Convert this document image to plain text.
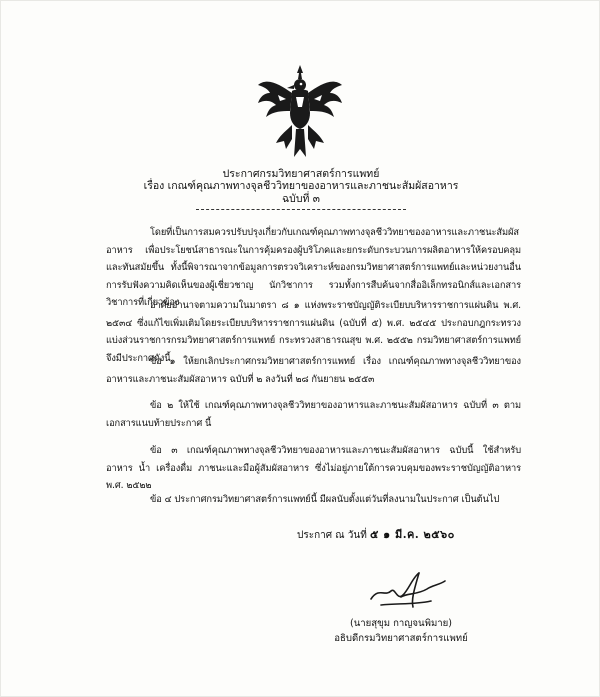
ประกาศกรมวิทยาศาสตร์การแพทย์
เรื่อง เกณฑ์คุณภาพทางจุลชีววิทยาของอาหารและภาชนะสัมผัสอาหาร
ฉบับที่ ๓
โดยที่เป็นการสมควรปรับปรุงเกี่ยวกับเกณฑ์คุณภาพทางจุลชีววิทยาของอาหารและภาชนะสัมผัสอาหาร เพื่อประโยชน์สาธารณะในการคุ้มครองผู้บริโภคและยกระดับกระบวนการผลิตอาหารให้ครอบคลุมและทันสมัยขึ้น ทั้งนี้พิจารณาจากข้อมูลการตรวจวิเคราะห์ของกรมวิทยาศาสตร์การแพทย์และหน่วยงานอื่น การรับฟังความคิดเห็นของผู้เชี่ยวชาญ นักวิชาการ รวมทั้งการสืบค้นจากสื่ออิเล็กทรอนิกส์และเอกสารวิชาการที่เกี่ยวข้อง
อาศัยอำนาจตามความในมาตรา ๘ ๑ แห่งพระราชบัญญัติระเบียบบริหารราชการแผ่นดิน พ.ศ. ๒๕๓๔ ซึ่งแก้ไขเพิ่มเติมโดยระเบียบบริหารราชการแผ่นดิน (ฉบับที่ ๕) พ.ศ. ๒๕๔๕ ประกอบกฎกระทรวงแบ่งส่วนราชการกรมวิทยาศาสตร์การแพทย์ กระทรวงสาธารณสุข พ.ศ. ๒๕๕๒ กรมวิทยาศาสตร์การแพทย์จึงมีประกาศดังนี้
ข้อ ๑ ให้ยกเลิกประกาศกรมวิทยาศาสตร์การแพทย์ เรื่อง เกณฑ์คุณภาพทางจุลชีววิทยาของอาหารและภาชนะสัมผัสอาหาร ฉบับที่ ๒ ลงวันที่ ๒๘ กันยายน ๒๕๕๓
ข้อ ๒ ให้ใช้ เกณฑ์คุณภาพทางจุลชีววิทยาของอาหารและภาชนะสัมผัสอาหาร ฉบับที่ ๓ ตามเอกสารแนบท้ายประกาศ นี้
ข้อ ๓ เกณฑ์คุณภาพทางจุลชีววิทยาของอาหารและภาชนะสัมผัสอาหาร ฉบับนี้ ใช้สำหรับอาหาร น้ำ เครื่องดื่ม ภาชนะและมือผู้สัมผัสอาหาร ซึ่งไม่อยู่ภายใต้การควบคุมของพระราชบัญญัติอาหาร พ.ศ. ๒๕๒๒
ข้อ ๔ ประกาศกรมวิทยาศาสตร์การแพทย์นี้ มีผลนับตั้งแต่วันที่ลงนามในประกาศ เป็นต้นไป
ประกาศ ณ วันที่ ๕ ๑ มี.ค. ๒๕๖๐
(นายสุขุม กาญจนพิมาย)
อธิบดีกรมวิทยาศาสตร์การแพทย์
